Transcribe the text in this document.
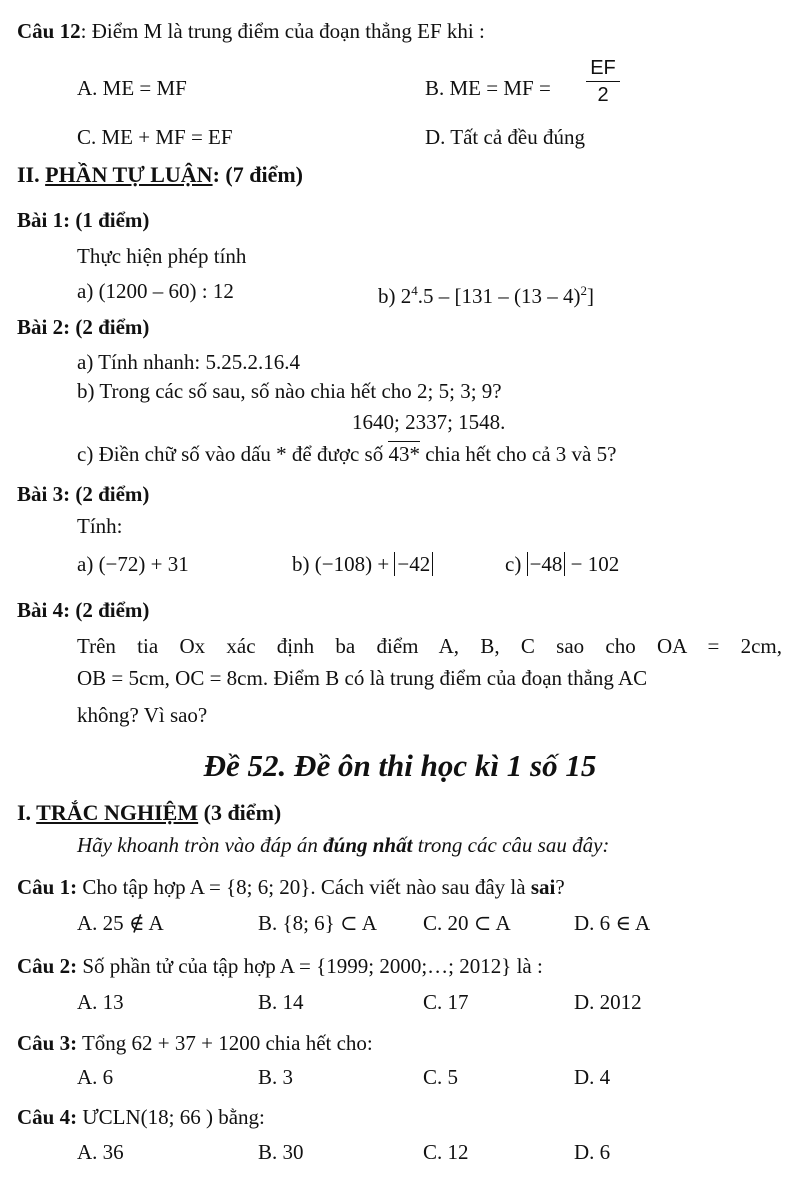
Câu 12: Điểm M là trung điểm của đoạn thẳng EF khi :
A. ME = MF	B. ME = MF =
EF
2
C. ME + MF = EF	D. Tất cả đều đúng
II. PHẦN TỰ LUẬN: (7 điểm)
Bài 1: (1 điểm)
Thực hiện phép tính
a) (1200 – 60) : 12	b) $2^4.5 - [131 - (13 - 4)^2]$
Bài 2: (2 điểm)
a) Tính nhanh: 5.25.2.16.4
b) Trong các số sau, số nào chia hết cho 2; 5; 3; 9?
1640; 2337; 1548.
c) Điền chữ số vào dấu * để được số 43* chia hết cho cả 3 và 5?
Bài 3: (2 điểm)
Tính:
a) (−72) + 31	b) (−108) + −42	c) −48 − 102
Bài 4: (2 điểm)
Trên tia Ox xác định ba điểm A, B, C sao cho OA = 2cm,
OB = 5cm, OC = 8cm. Điểm B có là trung điểm của đoạn thẳng AC
không? Vì sao?
Đề 52. Đề ôn thi học kì 1 số 15
I. TRẮC NGHIỆM (3 điểm)
Hãy khoanh tròn vào đáp án đúng nhất trong các câu sau đây:
Câu 1: Cho tập hợp A = {8; 6; 20}. Cách viết nào sau đây là sai?
A. 25 ∉ A	B. {8; 6} ⊂ A C. 20 ⊂ A	D. 6 ∈ A
Câu 2: Số phần tử của tập hợp A = {1999; 2000;…; 2012} là :
A. 13	B. 14	C. 17	D. 2012
Câu 3: Tổng 62 + 37 + 1200 chia hết cho:
A. 6	B. 3	C. 5	D. 4
Câu 4: ƯCLN(18; 66 ) bằng:
A. 36	B. 30	C. 12	D. 6
